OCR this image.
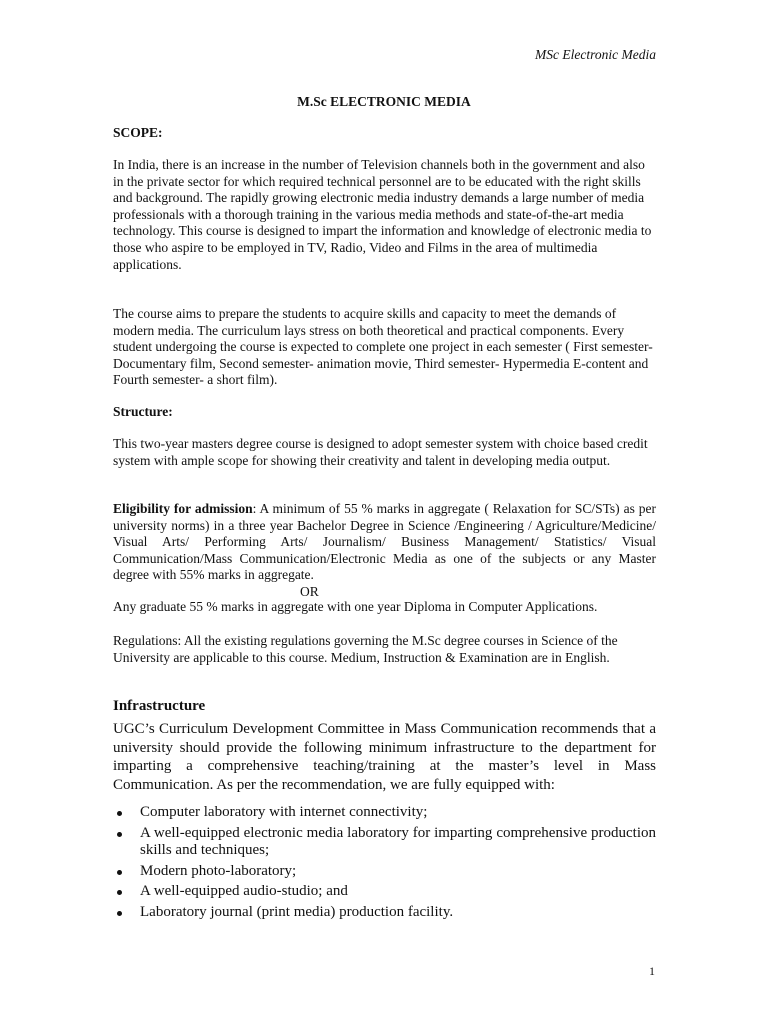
MSc Electronic Media
M.Sc ELECTRONIC MEDIA
SCOPE:
In India, there is an increase in the number of Television channels both in the government and also in the private sector for which required technical personnel are to be educated with the right skills and background. The rapidly growing electronic media industry demands a large number of media professionals with a thorough training in the various media methods and state-of-the-art media technology. This course is designed to impart the information and knowledge of electronic media to those who aspire to be employed in TV, Radio, Video and Films in the area of multimedia applications.
The course aims to prepare the students to acquire skills and capacity to meet the demands of modern media. The curriculum lays stress on both theoretical and practical components. Every student undergoing the course is expected to complete one project in each semester ( First semester- Documentary film, Second semester- animation movie, Third semester- Hypermedia E-content and Fourth semester- a short film).
Structure:
This two-year masters degree course is designed to adopt semester system with choice based credit system with ample scope for showing their creativity and talent in developing media output.
Eligibility for admission: A minimum of 55 % marks in aggregate ( Relaxation for SC/STs) as per university norms) in a three year Bachelor Degree in Science /Engineering / Agriculture/Medicine/ Visual Arts/ Performing Arts/ Journalism/ Business Management/ Statistics/ Visual Communication/Mass Communication/Electronic Media as one of the subjects or any Master degree with 55% marks in aggregate.
OR
Any graduate 55 % marks in aggregate with one year Diploma in Computer Applications.
Regulations: All the existing regulations governing the M.Sc degree courses in Science of the University are applicable to this course. Medium, Instruction & Examination are in English.
Infrastructure
UGC’s Curriculum Development Committee in Mass Communication recommends that a university should provide the following minimum infrastructure to the department for imparting a comprehensive teaching/training at the master’s level in Mass Communication. As per the recommendation, we are fully equipped with:
Computer laboratory with internet connectivity;
A well-equipped electronic media laboratory for imparting comprehensive production skills and techniques;
Modern photo-laboratory;
A well-equipped audio-studio; and
Laboratory journal (print media) production facility.
1
